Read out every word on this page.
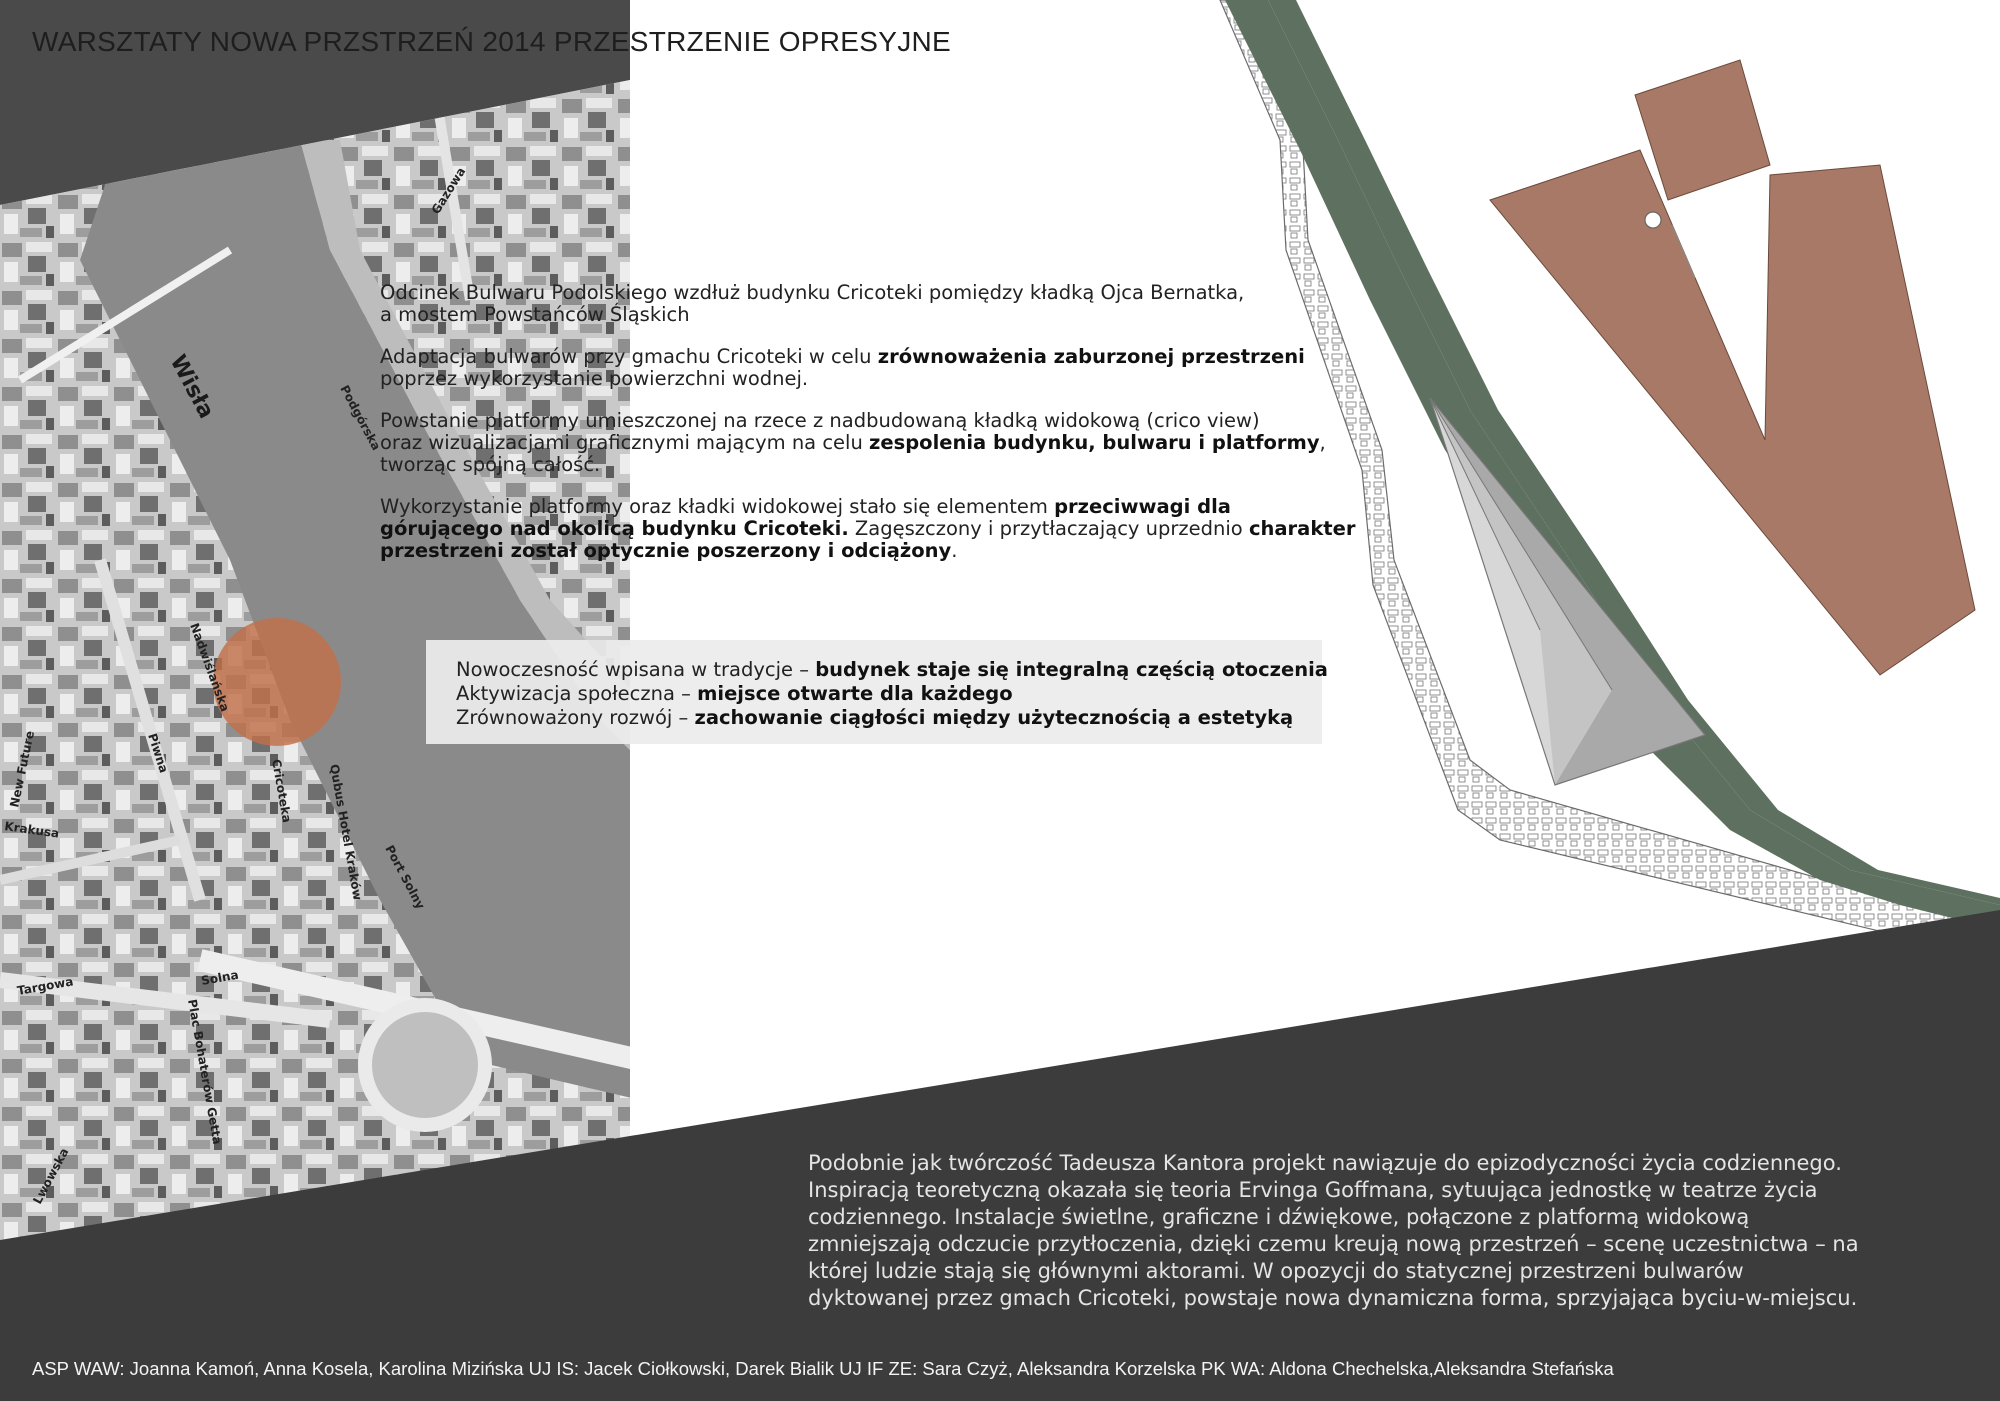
Wisła
Gazowa
Podgórska
Nadwiślańska
Piwna
Cricoteka
New Future
Krakusa	Qubus Hotel Kraków Port Solny
Targowa	Solna
Lwowska
Plac Bohaterów Getta
WARSZTATY NOWA PRZSTRZEŃ 2014 PRZESTRZENIE OPRESYJNE

Odcinek Bulwaru Podolskiego wzdłuż budynku Cricoteki pomiędzy kładką Ojca Bernatka,
a mostem Powstańców Śląskich

Adaptacja bulwarów przy gmachu Cricoteki w celu zrównoważenia zaburzonej przestrzeni
poprzez wykorzystanie powierzchni wodnej.

Powstanie platformy umieszczonej na rzece z nadbudowaną kładką widokową (crico view)
oraz wizualizacjami graficznymi mającym na celu zespolenia budynku, bulwaru i platformy,
tworząc spójną całość.

Wykorzystanie platformy oraz kładki widokowej stało się elementem przeciwwagi dla górującego nad okolicą budynku Cricoteki. Zagęszczony i przytłaczający uprzednio charakter przestrzeni został optycznie poszerzony i odciążony.

Nowoczesność wpisana w tradycje – budynek staje się integralną częścią otoczenia
Aktywizacja społeczna – miejsce otwarte dla każdego
Zrównoważony rozwój – zachowanie ciągłości między użytecznością a estetyką
Podobnie jak twórczość Tadeusza Kantora projekt nawiązuje do epizodyczności życia codziennego. Inspiracją teoretyczną okazała się teoria Ervinga Goffmana, sytuująca jednostkę w teatrze życia codziennego. Instalacje świetlne, graficzne i dźwiękowe, połączone z platformą widokową zmniejszają odczucie przytłoczenia, dzięki czemu kreują nową przestrzeń – scenę uczestnictwa – na której ludzie stają się głównymi aktorami. W opozycji do statycznej przestrzeni bulwarów dyktowanej przez gmach Cricoteki, powstaje nowa dynamiczna forma, sprzyjająca byciu-w-miejscu.
ASP WAW: Joanna Kamoń, Anna Kosela, Karolina Mizińska UJ IS: Jacek Ciołkowski, Darek Bialik UJ IF ZE: Sara Czyż, Aleksandra Korzelska PK WA: Aldona Chechelska,Aleksandra Stefańska
